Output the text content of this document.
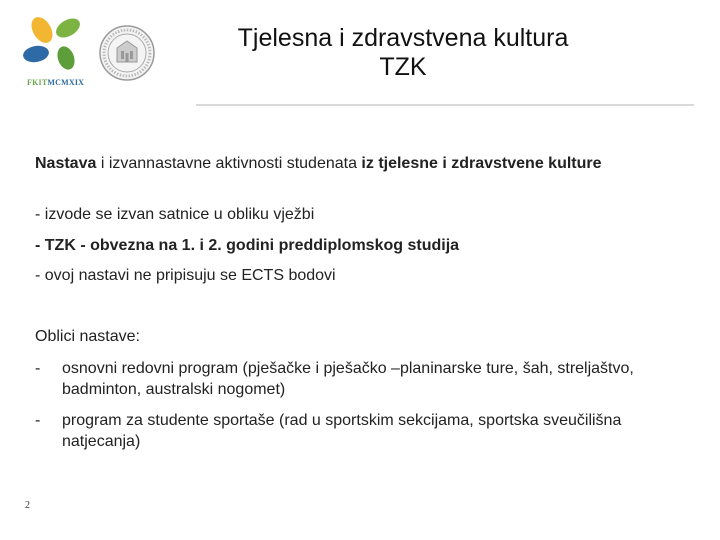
FKITMCMXIX
Tjelesna i zdravstvena kultura
TZK
Nastava i izvannastavne aktivnosti studenata iz tjelesne i zdravstvene kulture
- izvode se izvan satnice u obliku vježbi
- TZK - obvezna na 1. i 2. godini preddiplomskog studija
- ovoj nastavi ne pripisuju se ECTS bodovi
Oblici nastave:
- osnovni redovni program (pješačke i pješačko –planinarske ture, šah, streljaštvo, badminton, australski nogomet)
- program za studente sportaše (rad u sportskim sekcijama, sportska sveučilišna natjecanja)
2
